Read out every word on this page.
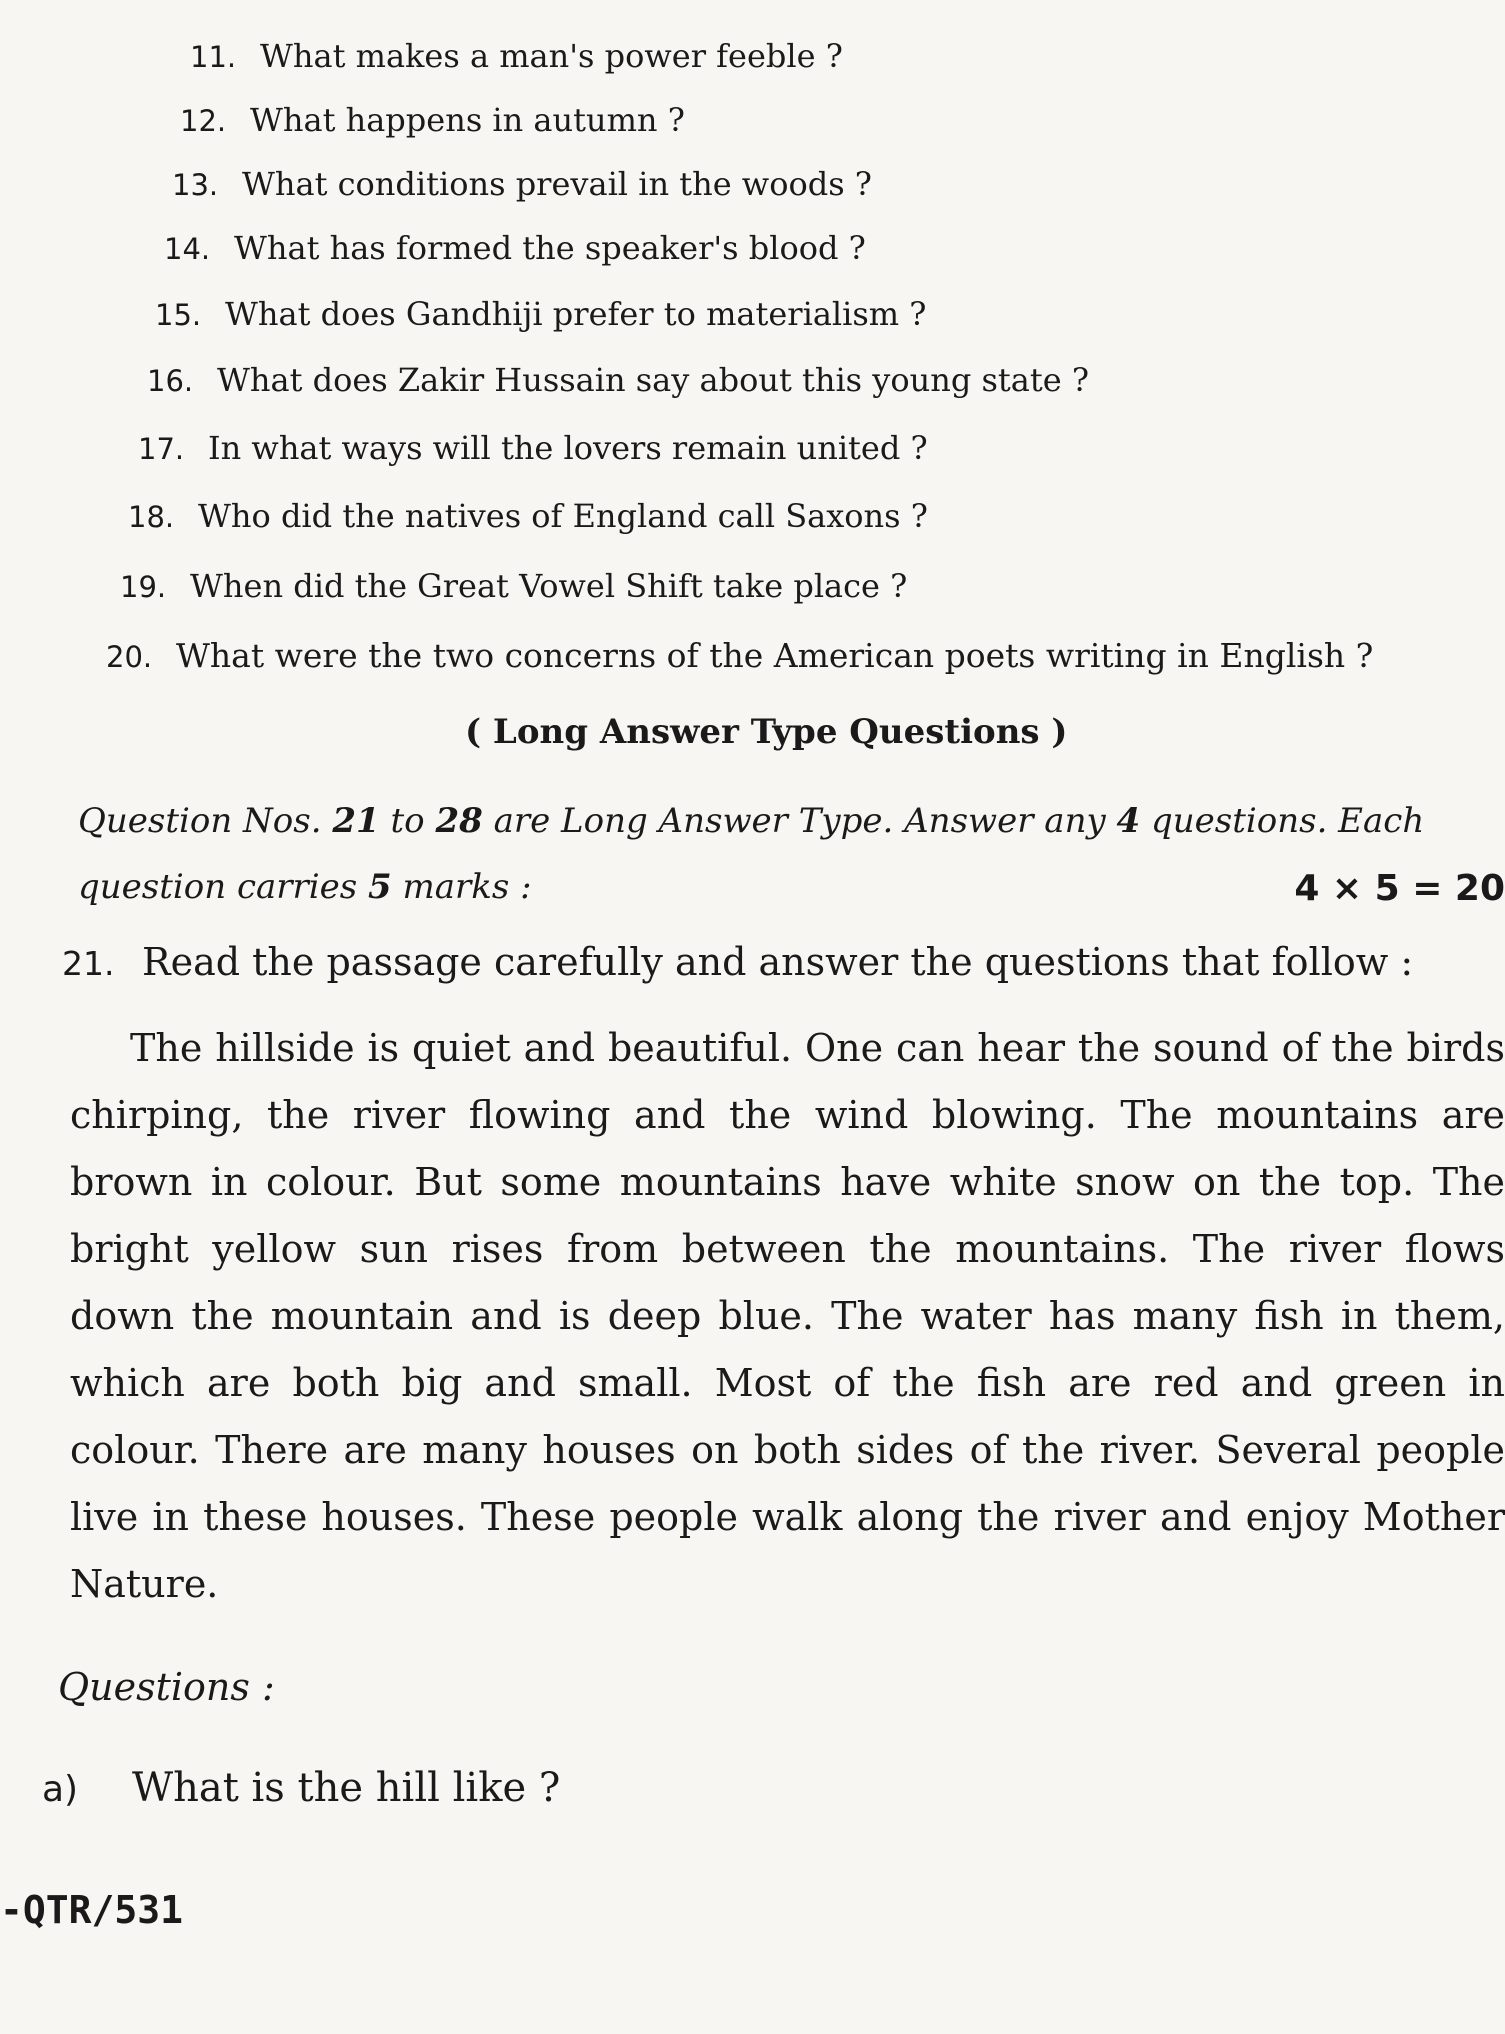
11. What makes a man's power feeble ?
12. What happens in autumn ?
13. What conditions prevail in the woods ?
14. What has formed the speaker's blood ?
15. What does Gandhiji prefer to materialism ?
16. What does Zakir Hussain say about this young state ?
17. In what ways will the lovers remain united ?
18. Who did the natives of England call Saxons ?
19. When did the Great Vowel Shift take place ?
20. What were the two concerns of the American poets writing in English ?
( Long Answer Type Questions )
Question Nos. 21 to 28 are Long Answer Type. Answer any 4 questions. Each question carries 5 marks :	4 × 5 = 20
21. Read the passage carefully and answer the questions that follow :
The hillside is quiet and beautiful. One can hear the sound of the birds chirping, the river flowing and the wind blowing. The mountains are brown in colour. But some mountains have white snow on the top. The bright yellow sun rises from between the mountains. The river flows down the mountain and is deep blue. The water has many fish in them, which are both big and small. Most of the fish are red and green in colour. There are many houses on both sides of the river. Several people live in these houses. These people walk along the river and enjoy Mother Nature.
Questions :
a) What is the hill like ?
-QTR/531
